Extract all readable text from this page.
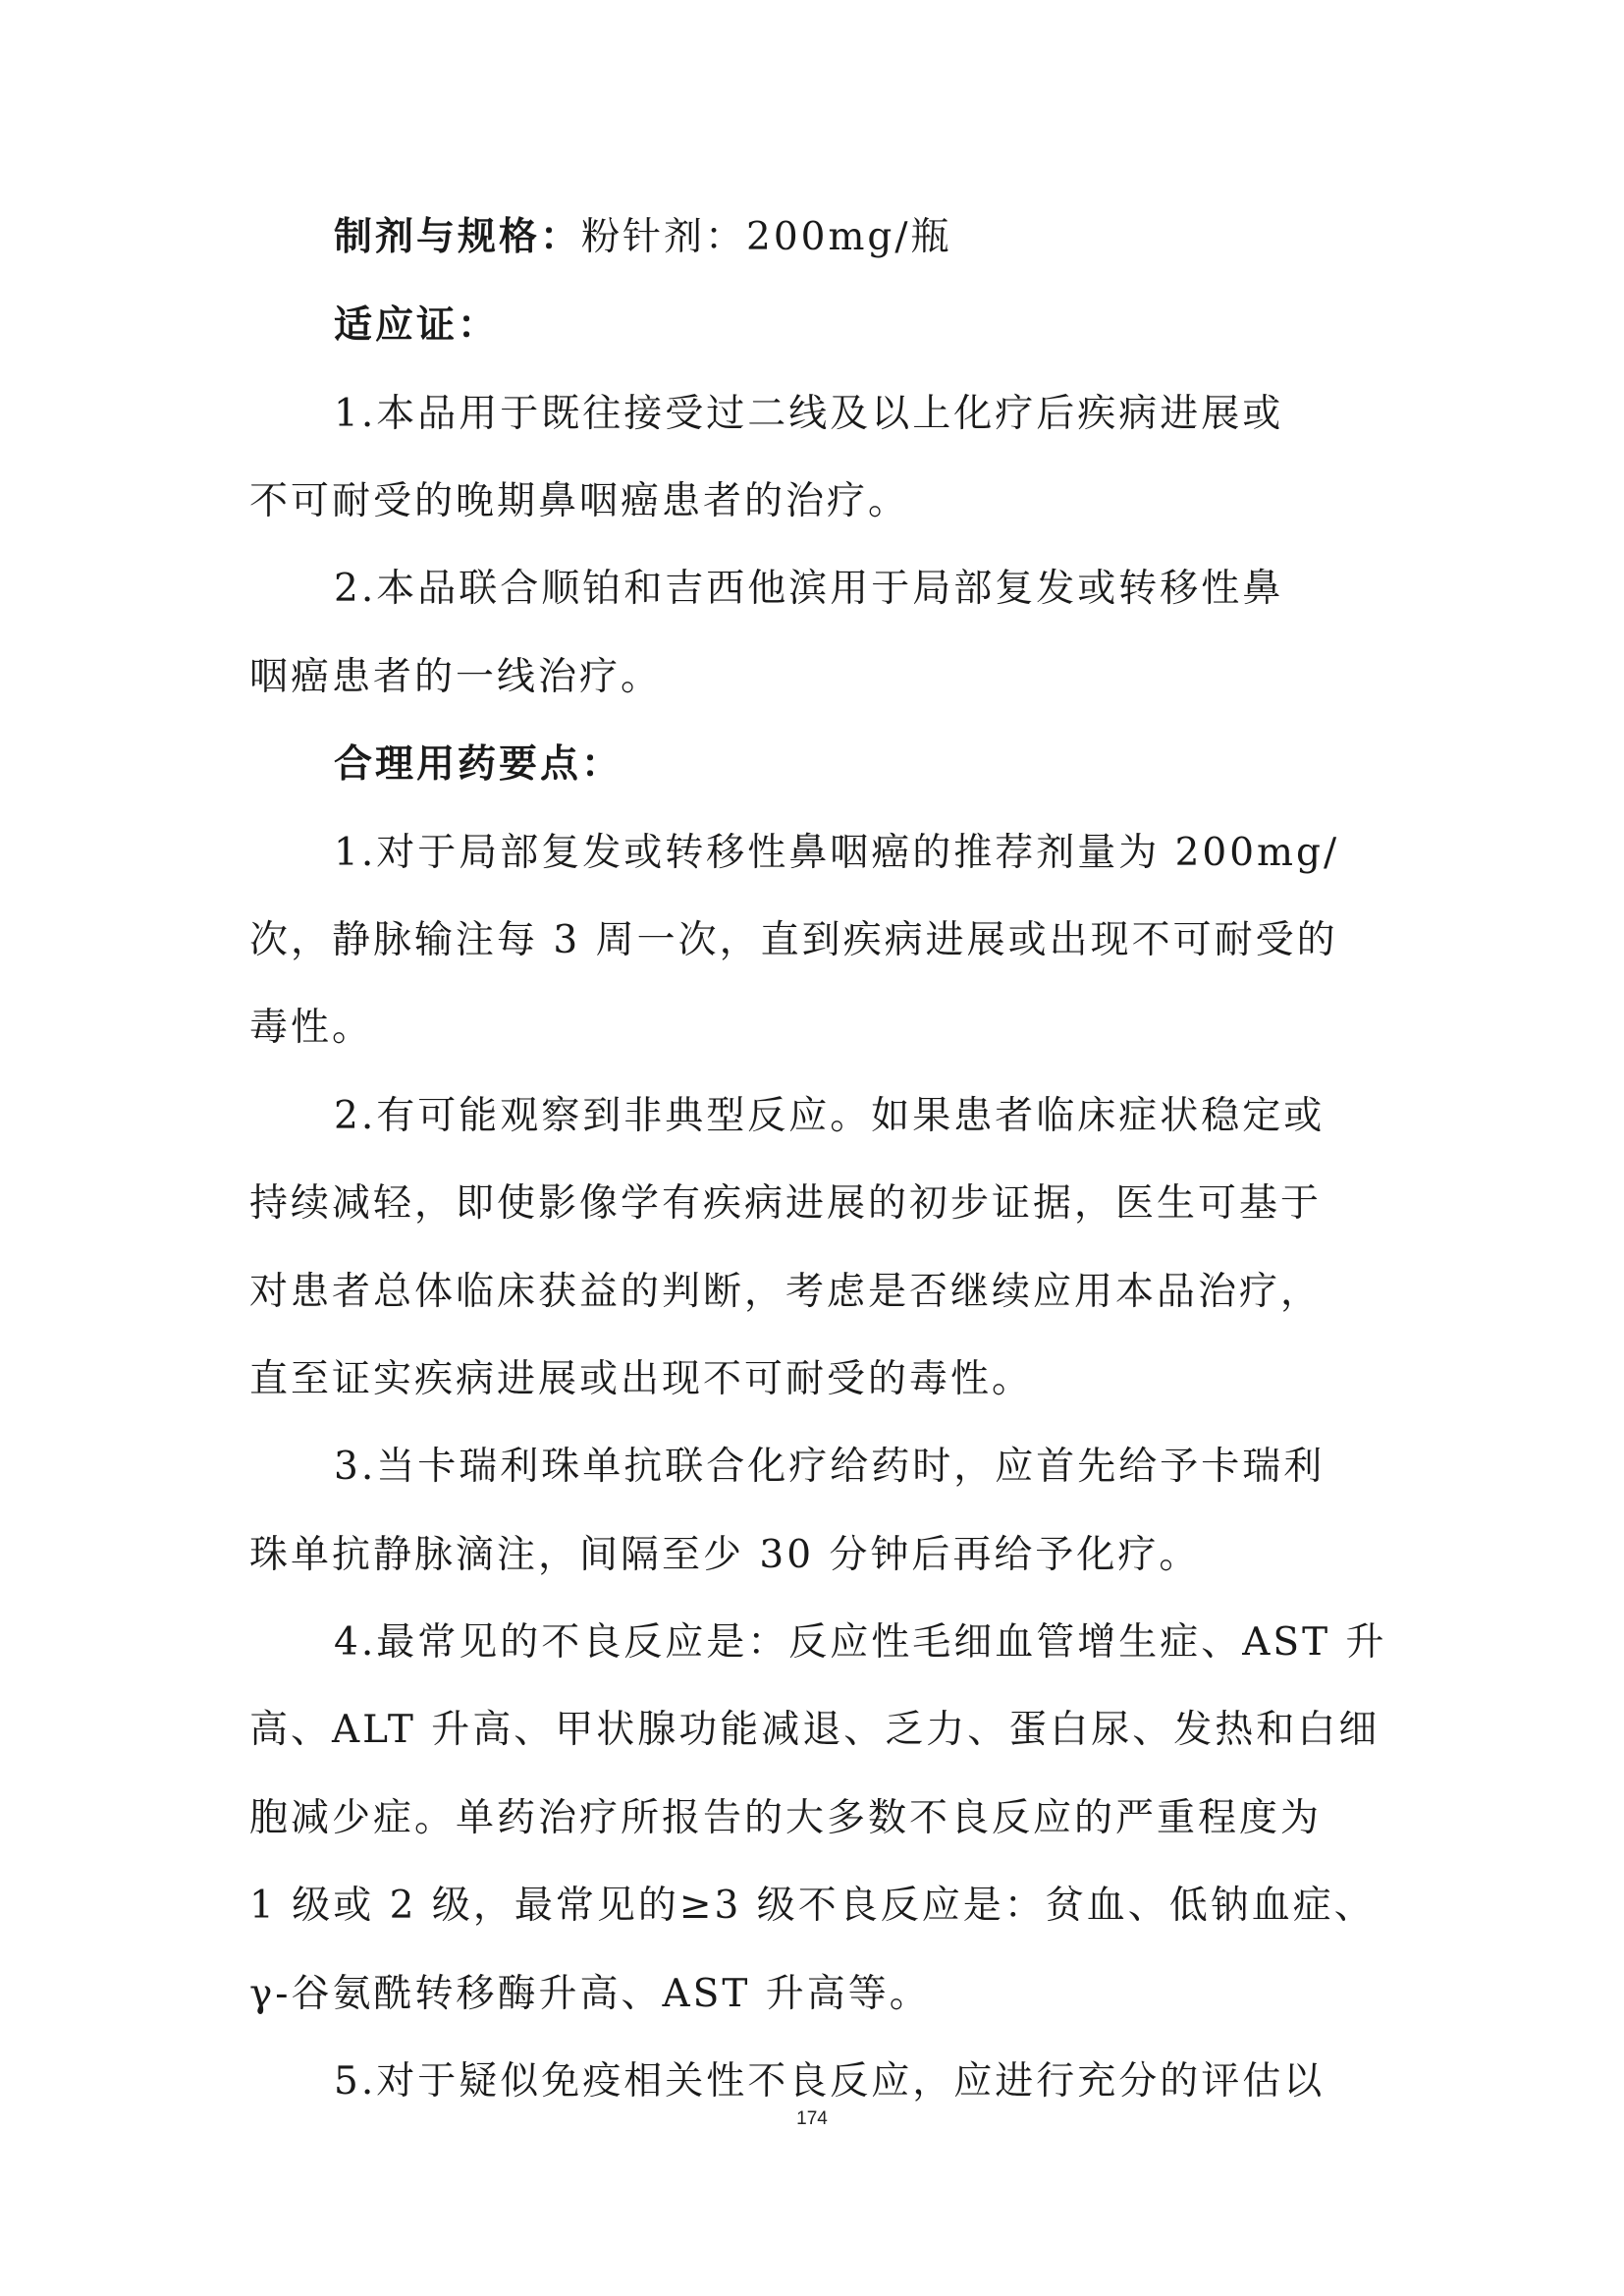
制剂与规格：粉针剂：200mg/瓶

适应证：

1.本品用于既往接受过二线及以上化疗后疾病进展或

不可耐受的晚期鼻咽癌患者的治疗。

2.本品联合顺铂和吉西他滨用于局部复发或转移性鼻

咽癌患者的一线治疗。

合理用药要点：

1.对于局部复发或转移性鼻咽癌的推荐剂量为 200mg/

次，静脉输注每 3 周一次，直到疾病进展或出现不可耐受的

毒性。

2.有可能观察到非典型反应。如果患者临床症状稳定或

持续减轻，即使影像学有疾病进展的初步证据，医生可基于

对患者总体临床获益的判断，考虑是否继续应用本品治疗，

直至证实疾病进展或出现不可耐受的毒性。

3.当卡瑞利珠单抗联合化疗给药时，应首先给予卡瑞利

珠单抗静脉滴注，间隔至少 30 分钟后再给予化疗。

4.最常见的不良反应是：反应性毛细血管增生症、AST 升

高、ALT 升高、甲状腺功能减退、乏力、蛋白尿、发热和白细

胞减少症。单药治疗所报告的大多数不良反应的严重程度为

1 级或 2 级，最常见的≥3 级不良反应是：贫血、低钠血症、

γ-谷氨酰转移酶升高、AST 升高等。

5.对于疑似免疫相关性不良反应，应进行充分的评估以

174
